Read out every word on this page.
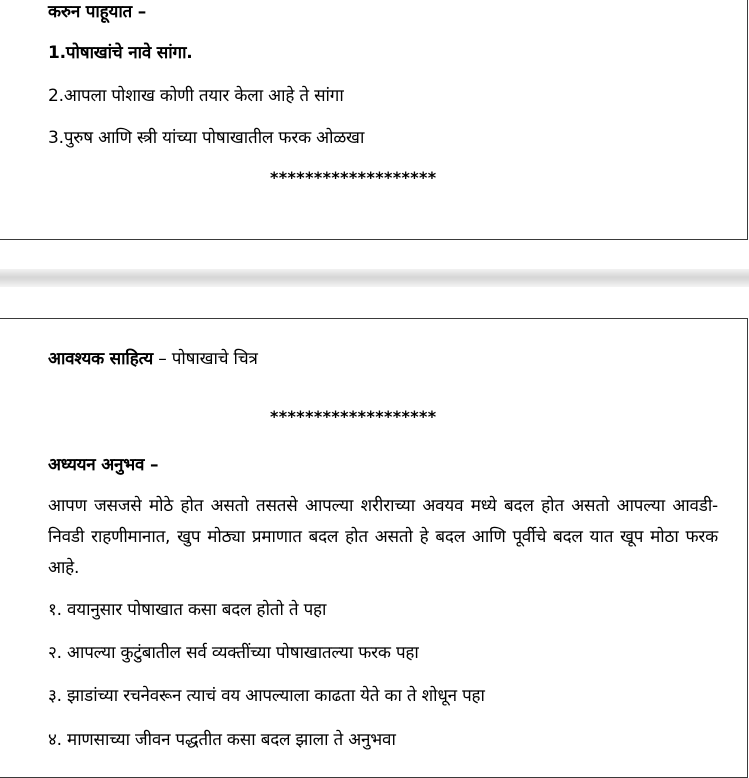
करुन पाहूयात –
1.पोषाखांचे नावे सांगा.
2.आपला पोशाख कोणी तयार केला आहे ते सांगा
3.पुरुष आणि स्त्री यांच्या पोषाखातील फरक ओळखा
*******************
आवश्यक साहित्य – पोषाखाचे चित्र
*******************
अध्ययन अनुभव –
आपण जसजसे मोठे होत असतो तसतसे आपल्या शरीराच्या अवयव मध्ये बदल होत असतो आपल्या आवडी-निवडी राहणीमानात, खुप मोठ्या प्रमाणात बदल होत असतो हे बदल आणि पूर्वीचे बदल यात खूप मोठा फरक आहे.
१. वयानुसार पोषाखात कसा बदल होतो ते पहा
२. आपल्या कुटुंबातील सर्व व्यक्तींच्या पोषाखातल्या फरक पहा
३. झाडांच्या रचनेवरून त्याचं वय आपल्याला काढता येते का ते शोधून पहा
४. माणसाच्या जीवन पद्धतीत कसा बदल झाला ते अनुभवा
